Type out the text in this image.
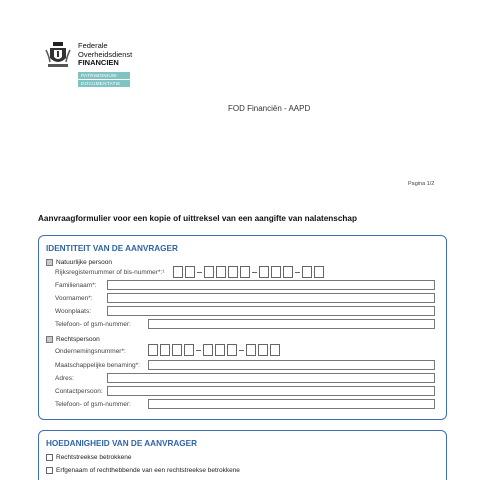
Federale
Overheidsdienst
FINANCIEN
PATRIMONIUM-
DOCUMENTATIE
FOD Financiën - AAPD
Pagina 1/2
Aanvraagformulier voor een kopie of uittreksel van een aangifte van nalatenschap
IDENTITEIT VAN DE AANVRAGER
Natuurlijke persoon
Rijksregisternummer of bis-nummer*:¹
Familienaam*:
Voornamen*:
Woonplaats:
Telefoon- of gsm-nummer:
Rechtspersoon
Ondernemingsnummer*:
Maatschappelijke benaming*:
Adres:
Contactpersoon:
Telefoon- of gsm-nummer:
HOEDANIGHEID VAN DE AANVRAGER
Rechtstreekse betrokkene
Erfgenaam of rechthebbende van een rechtstreekse betrokkene
